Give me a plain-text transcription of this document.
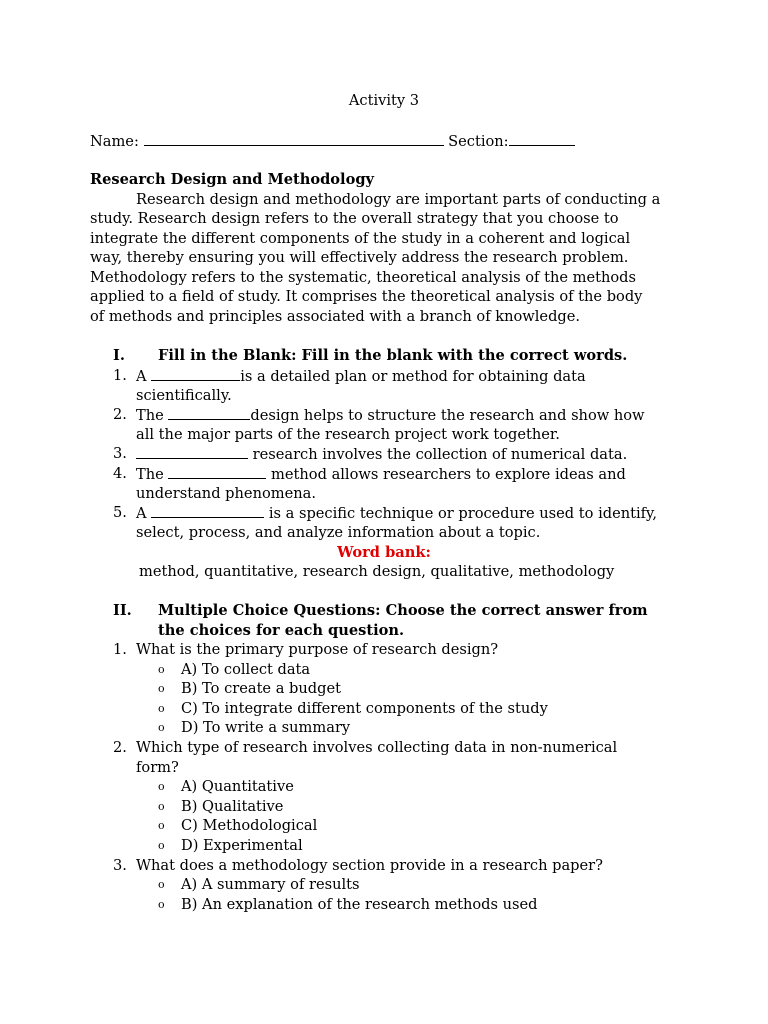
Activity 3
Name:	Section:
Research Design and Methodology
Research design and methodology are important parts of conducting a
study. Research design refers to the overall strategy that you choose to
integrate the different components of the study in a coherent and logical
way, thereby ensuring you will effectively address the research problem.
Methodology refers to the systematic, theoretical analysis of the methods
applied to a field of study. It comprises the theoretical analysis of the body
of methods and principles associated with a branch of knowledge.
I. Fill in the Blank: Fill in the blank with the correct words.
1. A	is a detailed plan or method for obtaining data
scientifically.
2. The	design helps to structure the research and show how
all the major parts of the research project work together.
3.	research involves the collection of numerical data.
4. The	method allows researchers to explore ideas and
understand phenomena.
5. A	is a specific technique or procedure used to identify,
select, process, and analyze information about a topic.
Word bank:
method, quantitative, research design, qualitative, methodology
II. Multiple Choice Questions: Choose the correct answer from
the choices for each question.
1. What is the primary purpose of research design?
o A) To collect data
o B) To create a budget
o C) To integrate different components of the study
o D) To write a summary
2. Which type of research involves collecting data in non-numerical
form?
o A) Quantitative
o B) Qualitative
o C) Methodological
o D) Experimental
3. What does a methodology section provide in a research paper?
o A) A summary of results
o B) An explanation of the research methods used
